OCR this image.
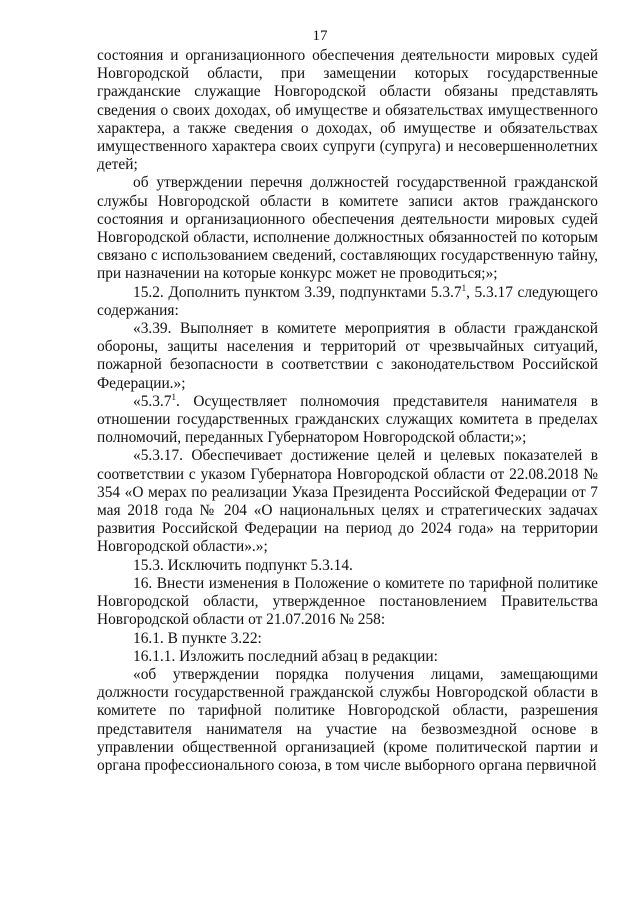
17

состояния и организационного обеспечения деятельности мировых судей Новгородской области, при замещении которых государственные гражданские служащие Новгородской области обязаны представлять сведения о своих доходах, об имуществе и обязательствах имущественного характера, а также сведения о доходах, об имуществе и обязательствах имущественного характера своих супруги (супруга) и несовершеннолетних детей;

об утверждении перечня должностей государственной гражданской службы Новгородской области в комитете записи актов гражданского состояния и организационного обеспечения деятельности мировых судей Новгородской области, исполнение должностных обязанностей по которым связано с использованием сведений, составляющих государственную тайну, при назначении на которые конкурс может не проводиться;»;

15.2. Дополнить пунктом 3.39, подпунктами 5.3.7$^1$, 5.3.17 следующего содержания:

«3.39. Выполняет в комитете мероприятия в области гражданской обороны, защиты населения и территорий от чрезвычайных ситуаций, пожарной безопасности в соответствии с законодательством Российской Федерации.»;

«5.3.7$^1$. Осуществляет полномочия представителя нанимателя в отношении государственных гражданских служащих комитета в пределах полномочий, переданных Губернатором Новгородской области;»;

«5.3.17. Обеспечивает достижение целей и целевых показателей в соответствии с указом Губернатора Новгородской области от 22.08.2018 № 354 «О мерах по реализации Указа Президента Российской Федерации от 7 мая 2018 года № 204 «О национальных целях и стратегических задачах развития Российской Федерации на период до 2024 года» на территории Новгородской области».»;

15.3. Исключить подпункт 5.3.14.

16. Внести изменения в Положение о комитете по тарифной политике Новгородской области, утвержденное постановлением Правительства Новгородской области от 21.07.2016 № 258:

16.1. В пункте 3.22:

16.1.1. Изложить последний абзац в редакции:

«об утверждении порядка получения лицами, замещающими должности государственной гражданской службы Новгородской области в комитете по тарифной политике Новгородской области, разрешения представителя нанимателя на участие на безвозмездной основе в управлении общественной организацией (кроме политической партии и органа профессионального союза, в том числе выборного органа первичной
